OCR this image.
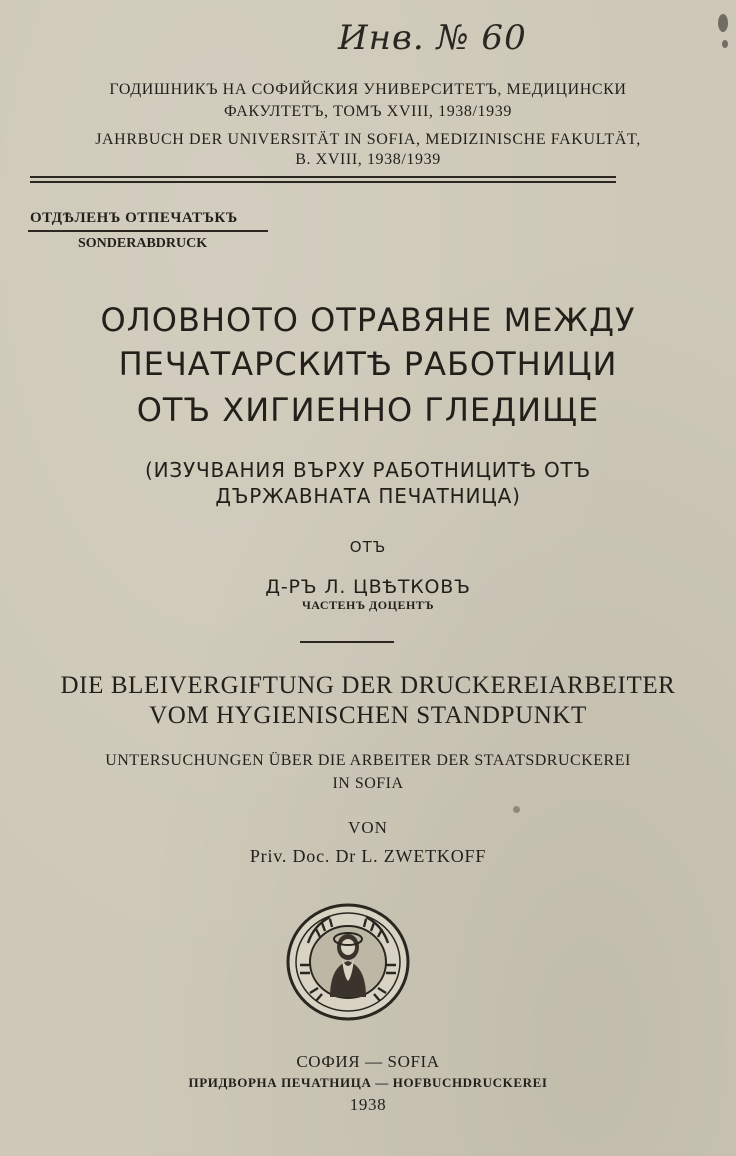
Инв. № 60
ГОДИШНИКЪ НА СОФИЙСКИЯ УНИВЕРСИТЕТЪ, МЕДИЦИНСКИ
ФАКУЛТЕТЪ, ТОМЪ XVIII, 1938/1939
JAHRBUCH DER UNIVERSITÄT IN SOFIA, MEDIZINISCHE FAKULTÄT,
B. XVIII, 1938/1939
ОТДѢЛЕНЪ ОТПЕЧАТЪКЪ
SONDERABDRUCK
ОЛОВНОТО ОТРАВЯНЕ МЕЖДУ
ПЕЧАТАРСКИТѢ РАБОТНИЦИ
ОТЪ ХИГИЕННО ГЛЕДИЩЕ
(ИЗУЧВАНИЯ ВЪРХУ РАБОТНИЦИТѢ ОТЪ
ДЪРЖАВНАТА ПЕЧАТНИЦА)
ОТЪ
Д-РЪ Л. ЦВѢТКОВЪ
ЧАСТЕНЪ ДОЦЕНТЪ
DIE BLEIVERGIFTUNG DER DRUCKEREIARBEITER
VOM HYGIENISCHEN STANDPUNKT
UNTERSUCHUNGEN ÜBER DIE ARBEITER DER STAATSDRUCKEREI
IN SOFIA
VON
Priv. Doc. Dr L. ZWETKOFF
СОФИЯ — SOFIA
ПРИДВОРНА ПЕЧАТНИЦА — HOFBUCHDRUCKEREI
1938
